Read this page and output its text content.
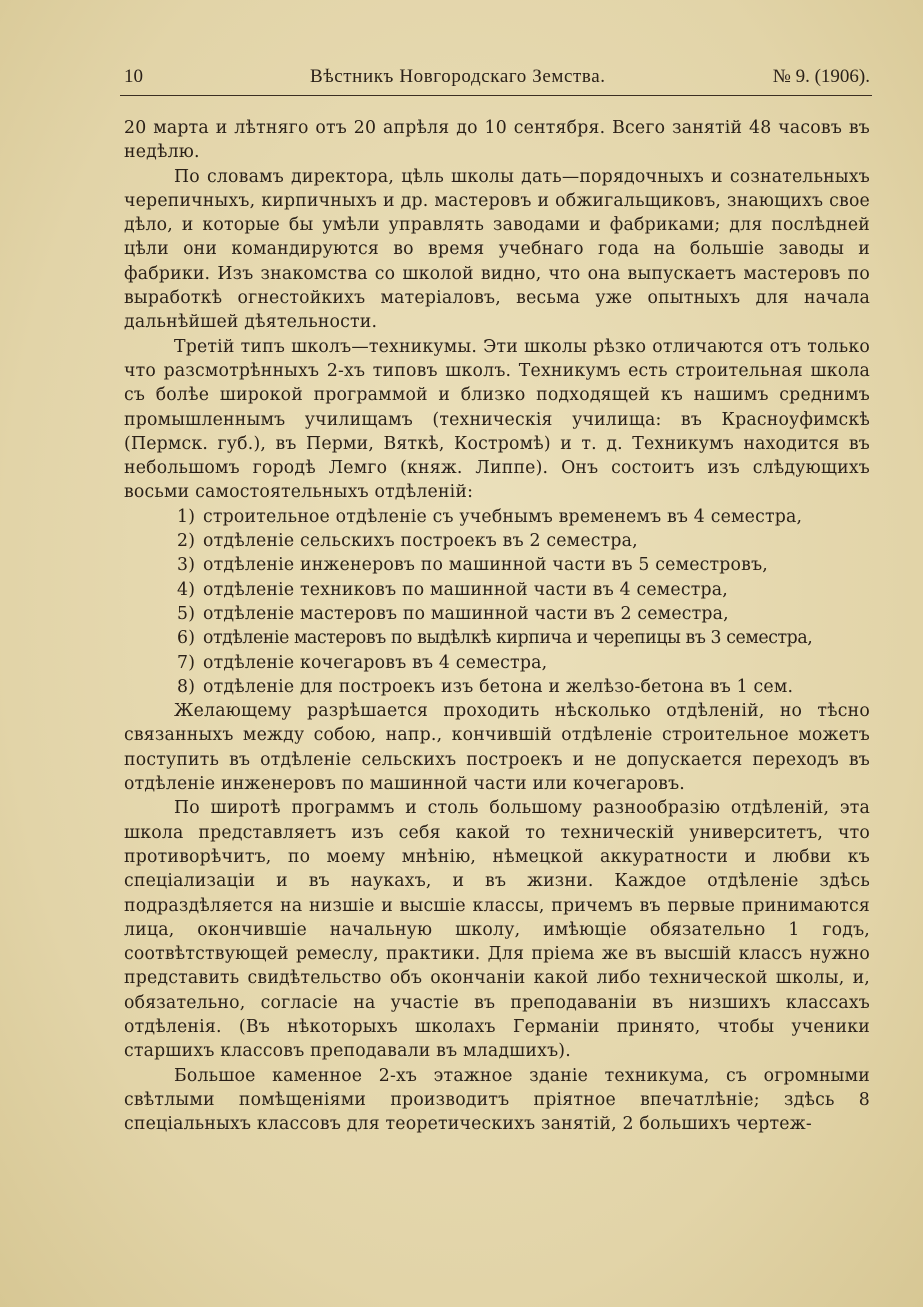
10	Вѣстникъ Новгородскаго Земства.	№ 9. (1906).

20 марта и лѣтняго отъ 20 апрѣля до 10 сентября. Всего занятій 48 часовъ въ недѣлю.

По словамъ директора, цѣль школы дать—порядочныхъ и сознательныхъ черепичныхъ, кирпичныхъ и др. мастеровъ и обжигальщиковъ, знающихъ свое дѣло, и которые бы умѣли управлять заводами и фабриками; для послѣдней цѣли они командируются во время учебнаго года на большіе заводы и фабрики. Изъ знакомства со школой видно, что она выпускаетъ мастеровъ по выработкѣ огнестойкихъ матеріаловъ, весьма уже опытныхъ для начала дальнѣйшей дѣятельности.

Третій типъ школъ—техникумы. Эти школы рѣзко отличаются отъ только что разсмотрѣнныхъ 2-хъ типовъ школъ. Техникумъ есть строительная школа съ болѣе широкой программой и близко подходящей къ нашимъ среднимъ промышленнымъ училищамъ (техническія училища: въ Красноуфимскѣ (Пермск. губ.), въ Перми, Вяткѣ, Костромѣ) и т. д. Техникумъ находится въ небольшомъ городѣ Лемго (княж. Липпе). Онъ состоитъ изъ слѣдующихъ восьми самостоятельныхъ отдѣленій:

1) строительное отдѣленіе съ учебнымъ временемъ въ 4 семестра,
2) отдѣленіе сельскихъ построекъ въ 2 семестра,
3) отдѣленіе инженеровъ по машинной части въ 5 семестровъ,
4) отдѣленіе техниковъ по машинной части въ 4 семестра,
5) отдѣленіе мастеровъ по машинной части въ 2 семестра,
6) отдѣленіе мастеровъ по выдѣлкѣ кирпича и черепицы въ 3 семестра,
7) отдѣленіе кочегаровъ въ 4 семестра,
8) отдѣленіе для построекъ изъ бетона и желѣзо-бетона въ 1 сем.

Желающему разрѣшается проходить нѣсколько отдѣленій, но тѣсно связанныхъ между собою, напр., кончившій отдѣленіе строительное можетъ поступить въ отдѣленіе сельскихъ построекъ и не допускается переходъ въ отдѣленіе инженеровъ по машинной части или кочегаровъ.

По широтѣ программъ и столь большому разнообразію отдѣленій, эта школа представляетъ изъ себя какой то техническій университетъ, что противорѣчитъ, по моему мнѣнію, нѣмецкой аккуратности и любви къ спеціализаціи и въ наукахъ, и въ жизни. Каждое отдѣленіе здѣсь подраздѣляется на низшіе и высшіе классы, причемъ въ первые принимаются лица, окончившіе начальную школу, имѣющіе обязательно 1 годъ, соотвѣтствующей ремеслу, практики. Для пріема же въ высшій классъ нужно представить свидѣтельство объ окончаніи какой либо технической школы, и, обязательно, согласіе на участіе въ преподаваніи въ низшихъ классахъ отдѣленія. (Въ нѣкоторыхъ школахъ Германіи принято, чтобы ученики старшихъ классовъ преподавали въ младшихъ).

Большое каменное 2-хъ этажное зданіе техникума, съ огромными свѣтлыми помѣщеніями производитъ пріятное впечатлѣніе; здѣсь 8 спеціальныхъ классовъ для теоретическихъ занятій, 2 большихъ чертеж-
